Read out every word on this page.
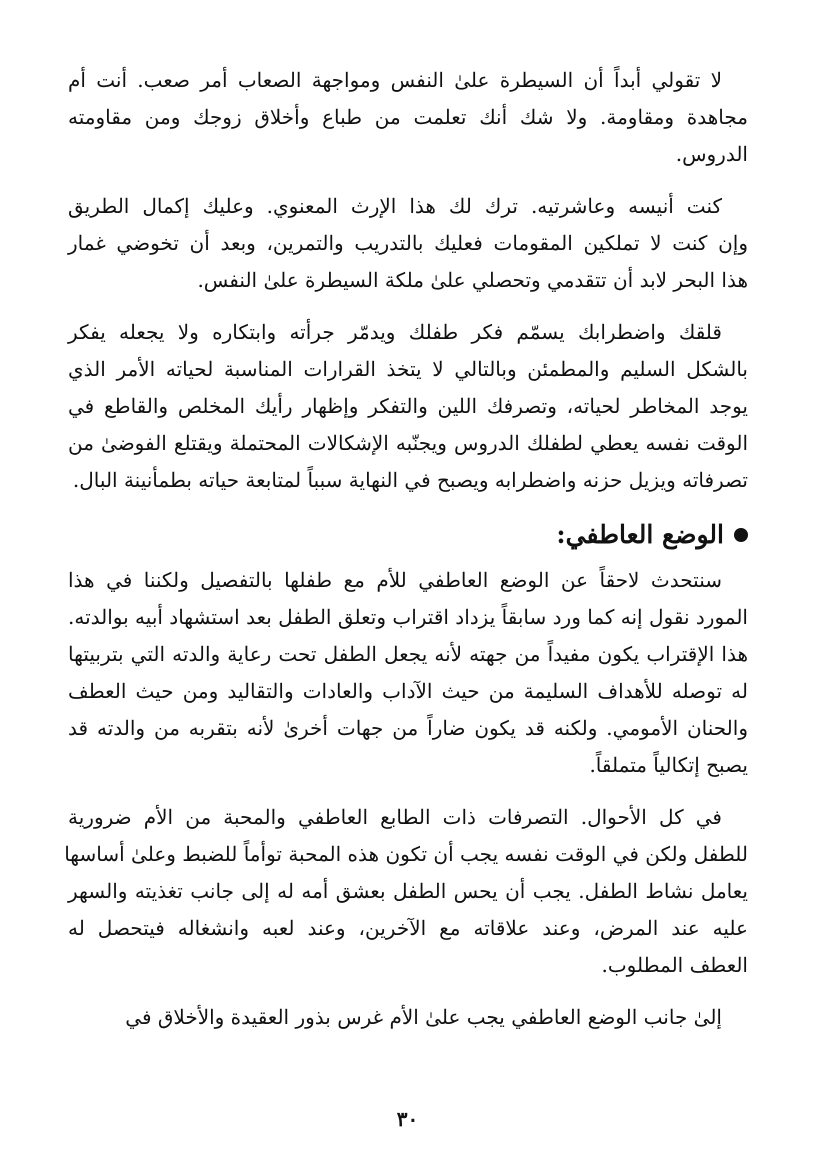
لا تقولي أبداً أن السيطرة علىٰ النفس ومواجهة الصعاب أمر صعب. أنت أم
مجاهدة ومقاومة. ولا شك أنك تعلمت من طباع وأخلاق زوجك ومن مقاومته
الدروس.

كنت أنيسه وعاشرتيه. ترك لك هذا الإرث المعنوي. وعليك إكمال الطريق
وإن كنت لا تملكين المقومات فعليك بالتدريب والتمرين، وبعد أن تخوضي غمار
هذا البحر لابد أن تتقدمي وتحصلي علىٰ ملكة السيطرة علىٰ النفس.

قلقك واضطرابك يسمّم فكر طفلك ويدمّر جرأته وابتكاره ولا يجعله يفكر
بالشكل السليم والمطمئن وبالتالي لا يتخذ القرارات المناسبة لحياته الأمر الذي
يوجد المخاطر لحياته، وتصرفك اللين والتفكر وإظهار رأيك المخلص والقاطع في
الوقت نفسه يعطي لطفلك الدروس ويجنّبه الإشكالات المحتملة ويقتلع الفوضىٰ من
تصرفاته ويزيل حزنه واضطرابه ويصبح في النهاية سبباً لمتابعة حياته بطمأنينة البال.

الوضع العاطفي:

سنتحدث لاحقاً عن الوضع العاطفي للأم مع طفلها بالتفصيل ولكننا في هذا
المورد نقول إنه كما ورد سابقاً يزداد اقتراب وتعلق الطفل بعد استشهاد أبيه بوالدته.
هذا الإقتراب يكون مفيداً من جهته لأنه يجعل الطفل تحت رعاية والدته التي بتربيتها
له توصله للأهداف السليمة من حيث الآداب والعادات والتقاليد ومن حيث العطف
والحنان الأمومي. ولكنه قد يكون ضاراً من جهات أخرىٰ لأنه بتقربه من والدته قد
يصبح إتكالياً متملقاً.

في كل الأحوال. التصرفات ذات الطابع العاطفي والمحبة من الأم ضرورية
للطفل ولكن في الوقت نفسه يجب أن تكون هذه المحبة توأماً للضبط وعلىٰ أساسها
يعامل نشاط الطفل. يجب أن يحس الطفل بعشق أمه له إلى جانب تغذيته والسهر
عليه عند المرض، وعند علاقاته مع الآخرين، وعند لعبه وانشغاله فيتحصل له
العطف المطلوب.

إلىٰ جانب الوضع العاطفي يجب علىٰ الأم غرس بذور العقيدة والأخلاق في

٣٠
